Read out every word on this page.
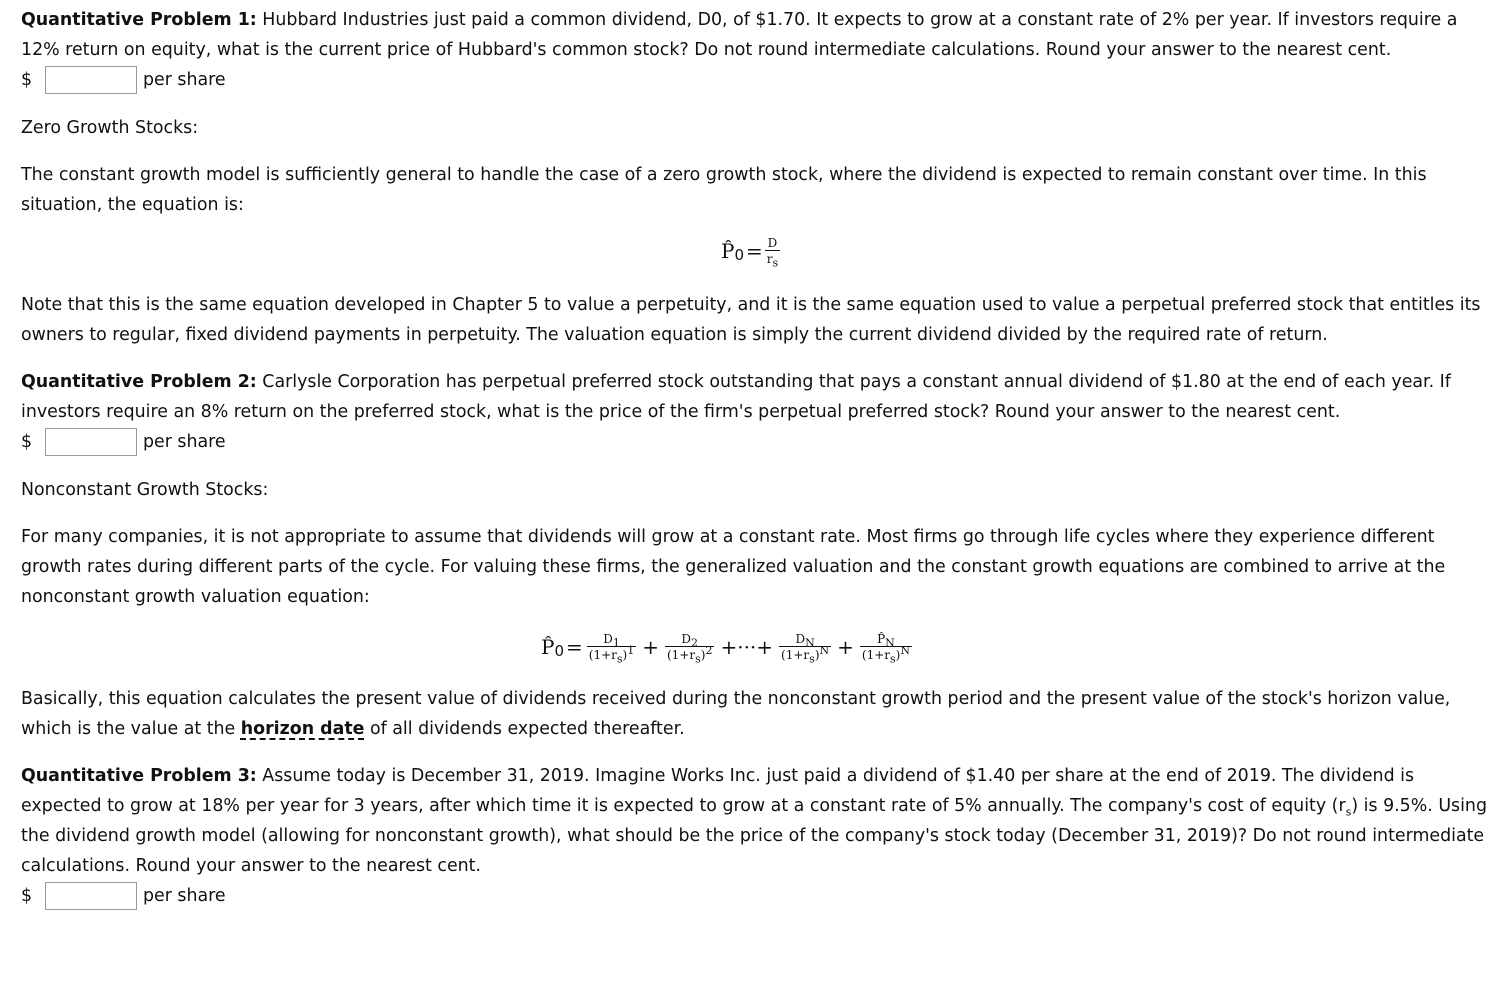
Quantitative Problem 1: Hubbard Industries just paid a common dividend, D0, of $1.70. It expects to grow at a constant rate of 2% per year. If investors require a 12% return on equity, what is the current price of Hubbard's common stock? Do not round intermediate calculations. Round your answer to the nearest cent.

$	per share

Zero Growth Stocks:

The constant growth model is sufficiently general to handle the case of a zero growth stock, where the dividend is expected to remain constant over time. In this situation, the equation is:

$P̂_0 = \frac{D}{r_s}$

Note that this is the same equation developed in Chapter 5 to value a perpetuity, and it is the same equation used to value a perpetual preferred stock that entitles its owners to regular, fixed dividend payments in perpetuity. The valuation equation is simply the current dividend divided by the required rate of return.

Quantitative Problem 2: Carlysle Corporation has perpetual preferred stock outstanding that pays a constant annual dividend of $1.80 at the end of each year. If investors require an 8% return on the preferred stock, what is the price of the firm's perpetual preferred stock? Round your answer to the nearest cent.

$	per share

Nonconstant Growth Stocks:

For many companies, it is not appropriate to assume that dividends will grow at a constant rate. Most firms go through life cycles where they experience different growth rates during different parts of the cycle. For valuing these firms, the generalized valuation and the constant growth equations are combined to arrive at the nonconstant growth valuation equation:

$P̂_0 = \frac{D_1}{(1+r_s)^1} + \frac{D_2}{(1+r_s)^2}$ +···+ $\frac{D_N}{(1+r_s)^N} + \frac{P̂_N}{(1+r_s)^N}$

Basically, this equation calculates the present value of dividends received during the nonconstant growth period and the present value of the stock's horizon value, which is the value at the horizon date of all dividends expected thereafter.

Quantitative Problem 3: Assume today is December 31, 2019. Imagine Works Inc. just paid a dividend of $1.40 per share at the end of 2019. The dividend is expected to grow at 18% per year for 3 years, after which time it is expected to grow at a constant rate of 5% annually. The company's cost of equity $(r_s)$ is 9.5%. Using the dividend growth model (allowing for nonconstant growth), what should be the price of the company's stock today (December 31, 2019)? Do not round intermediate calculations. Round your answer to the nearest cent.

$	per share
